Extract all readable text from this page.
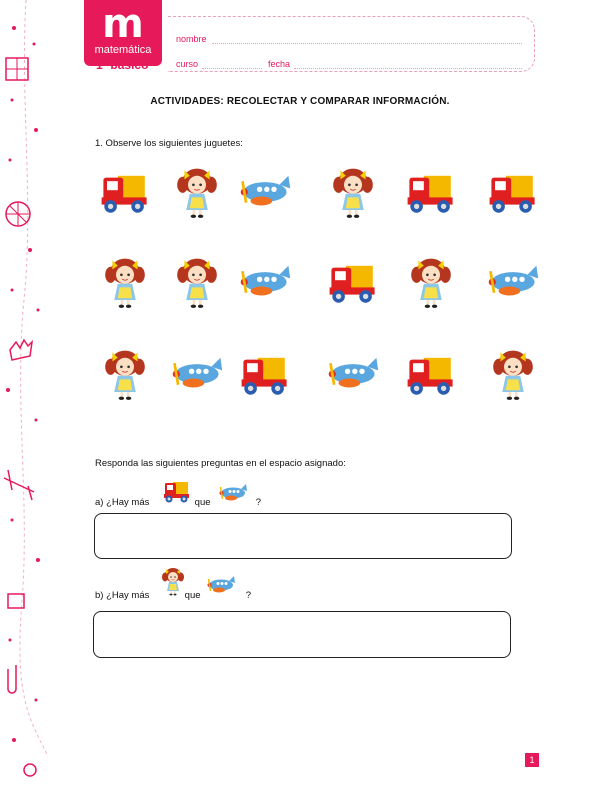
m
matemática
1º básico
nombre
curso	fecha
ACTIVIDADES: RECOLECTAR Y COMPARAR INFORMACIÓN.
1. Observe los siguientes juguetes:
Responda las siguientes preguntas en el espacio asignado:
a) ¿Hay más	que	?
b) ¿Hay más	que	?
1
